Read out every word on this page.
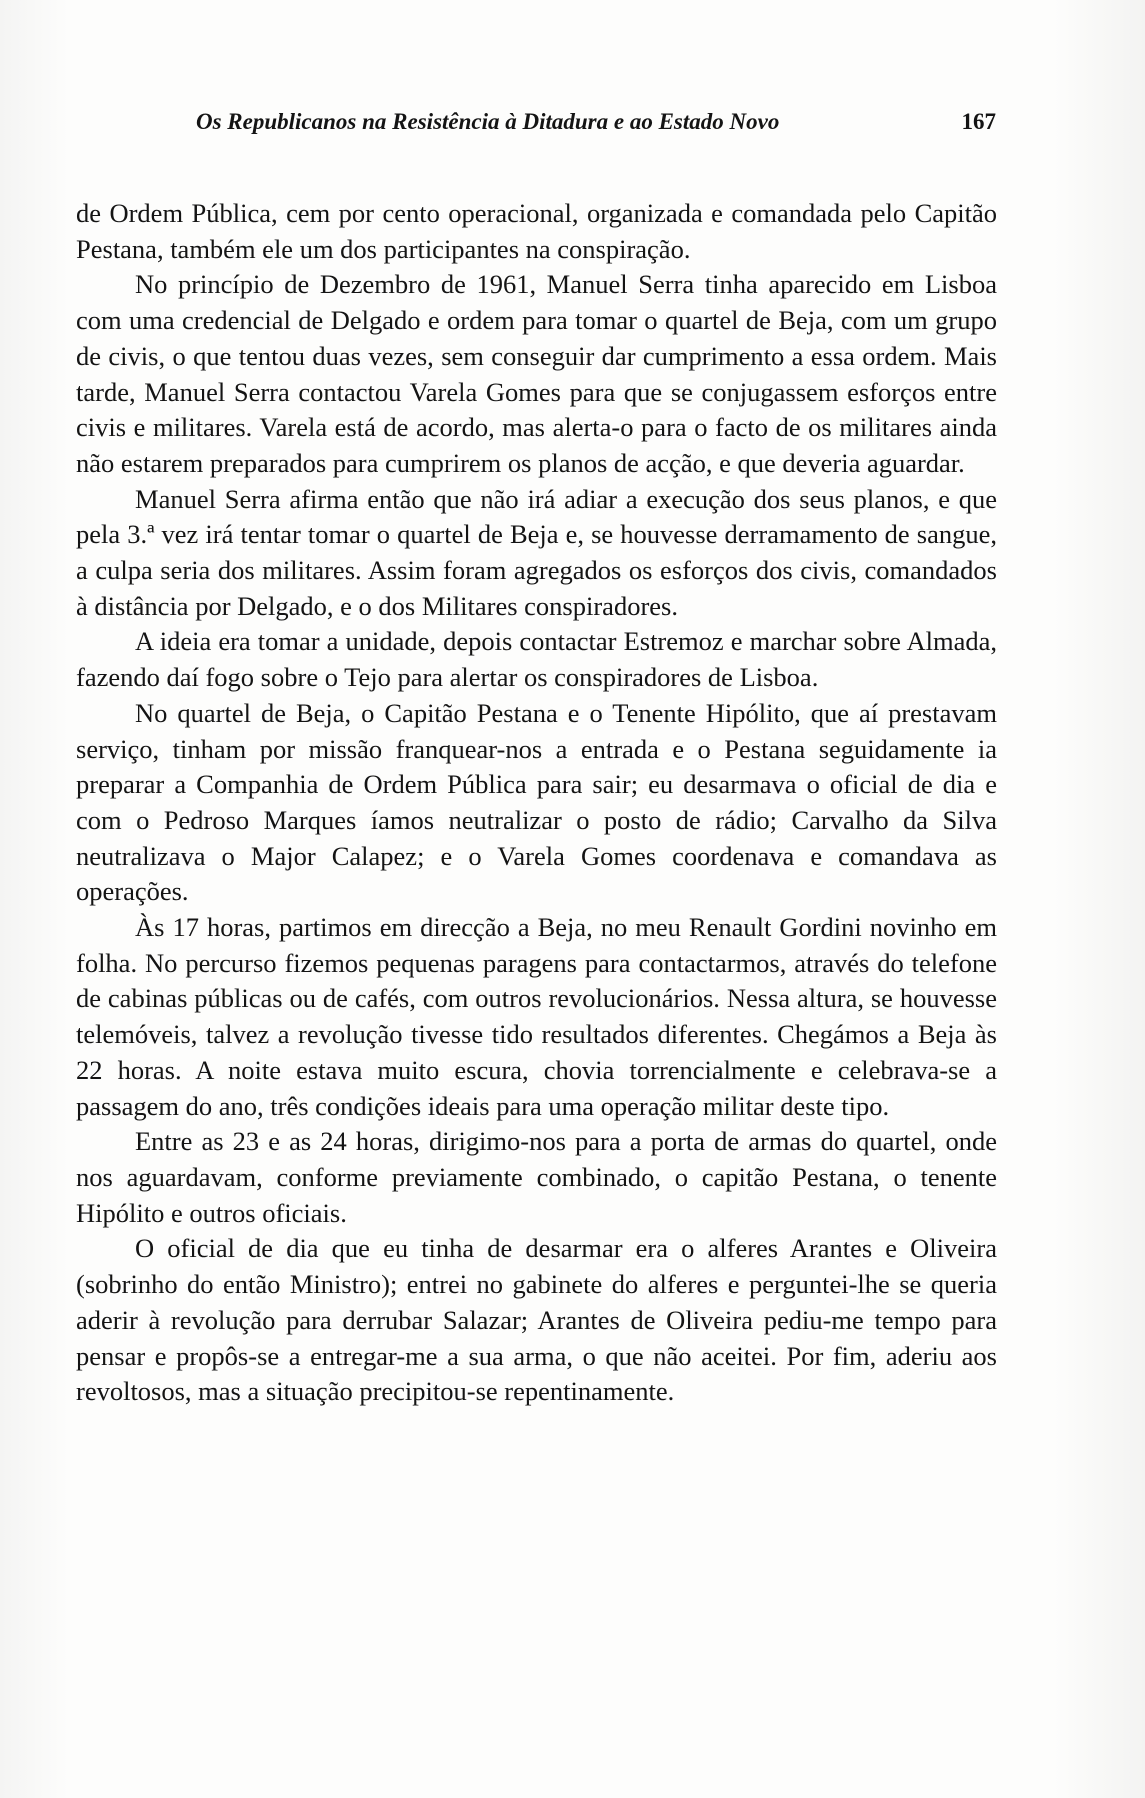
Os Republicanos na Resistência à Ditadura e ao Estado Novo	167

de Ordem Pública, cem por cento operacional, organizada e comandada pelo Capitão Pestana, também ele um dos participantes na conspiração.

No princípio de Dezembro de 1961, Manuel Serra tinha aparecido em Lisboa com uma credencial de Delgado e ordem para tomar o quartel de Beja, com um grupo de civis, o que tentou duas vezes, sem conseguir dar cumprimento a essa ordem. Mais tarde, Manuel Serra contactou Varela Gomes para que se conjugassem esforços entre civis e militares. Varela está de acordo, mas alerta-o para o facto de os militares ainda não estarem preparados para cumprirem os planos de acção, e que deveria aguardar.

Manuel Serra afirma então que não irá adiar a execução dos seus planos, e que pela 3.ª vez irá tentar tomar o quartel de Beja e, se houvesse derramamento de sangue, a culpa seria dos militares. Assim foram agregados os esforços dos civis, comandados à distância por Delgado, e o dos Militares conspiradores.

A ideia era tomar a unidade, depois contactar Estremoz e marchar sobre Almada, fazendo daí fogo sobre o Tejo para alertar os conspiradores de Lisboa.

No quartel de Beja, o Capitão Pestana e o Tenente Hipólito, que aí prestavam serviço, tinham por missão franquear-nos a entrada e o Pestana seguidamente ia preparar a Companhia de Ordem Pública para sair; eu desarmava o oficial de dia e com o Pedroso Marques íamos neutralizar o posto de rádio; Carvalho da Silva neutralizava o Major Calapez; e o Varela Gomes coordenava e comandava as operações.

Às 17 horas, partimos em direcção a Beja, no meu Renault Gordini novinho em folha. No percurso fizemos pequenas paragens para contactarmos, através do telefone de cabinas públicas ou de cafés, com outros revolucionários. Nessa altura, se houvesse telemóveis, talvez a revolução tivesse tido resultados diferentes. Chegámos a Beja às 22 horas. A noite estava muito escura, chovia torrencialmente e celebrava-se a passagem do ano, três condições ideais para uma operação militar deste tipo.

Entre as 23 e as 24 horas, dirigimo-nos para a porta de armas do quartel, onde nos aguardavam, conforme previamente combinado, o capitão Pestana, o tenente Hipólito e outros oficiais.

O oficial de dia que eu tinha de desarmar era o alferes Arantes e Oliveira (sobrinho do então Ministro); entrei no gabinete do alferes e perguntei-lhe se queria aderir à revolução para derrubar Salazar; Arantes de Oliveira pediu-me tempo para pensar e propôs-se a entregar-me a sua arma, o que não aceitei. Por fim, aderiu aos revoltosos, mas a situação precipitou-se repentinamente.
